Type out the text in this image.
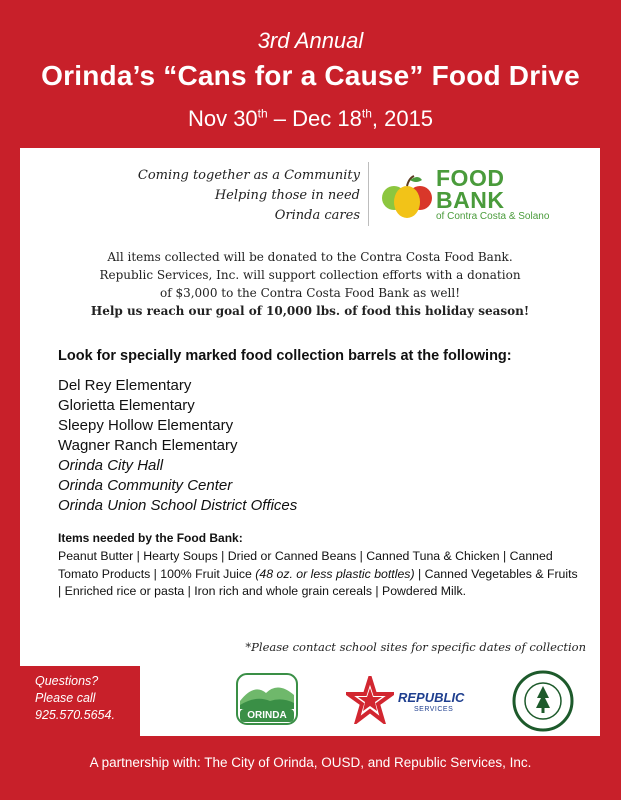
3rd Annual
Orinda’s “Cans for a Cause” Food Drive
Nov 30th – Dec 18th, 2015
Coming together as a Community
Helping those in need
Orinda cares
FOOD
BANK
of Contra Costa & Solano
All items collected will be donated to the Contra Costa Food Bank.
Republic Services, Inc. will support collection efforts with a donation
of $3,000 to the Contra Costa Food Bank as well!
Help us reach our goal of 10,000 lbs. of food this holiday season!
Look for specially marked food collection barrels at the following:
Del Rey Elementary
Glorietta Elementary
Sleepy Hollow Elementary
Wagner Ranch Elementary
Orinda City Hall
Orinda Community Center
Orinda Union School District Offices
Items needed by the Food Bank:
Peanut Butter | Hearty Soups | Dried or Canned Beans | Canned Tuna & Chicken | Canned Tomato Products | 100% Fruit Juice (48 oz. or less plastic bottles) | Canned Vegetables & Fruits | Enriched rice or pasta | Iron rich and whole grain cereals | Powdered Milk.
*Please contact school sites for specific dates of collection
Questions?
Please call
925.570.5654.	ORINDA
REPUBLIC
SERVICES
A partnership with: The City of Orinda, OUSD, and Republic Services, Inc.
